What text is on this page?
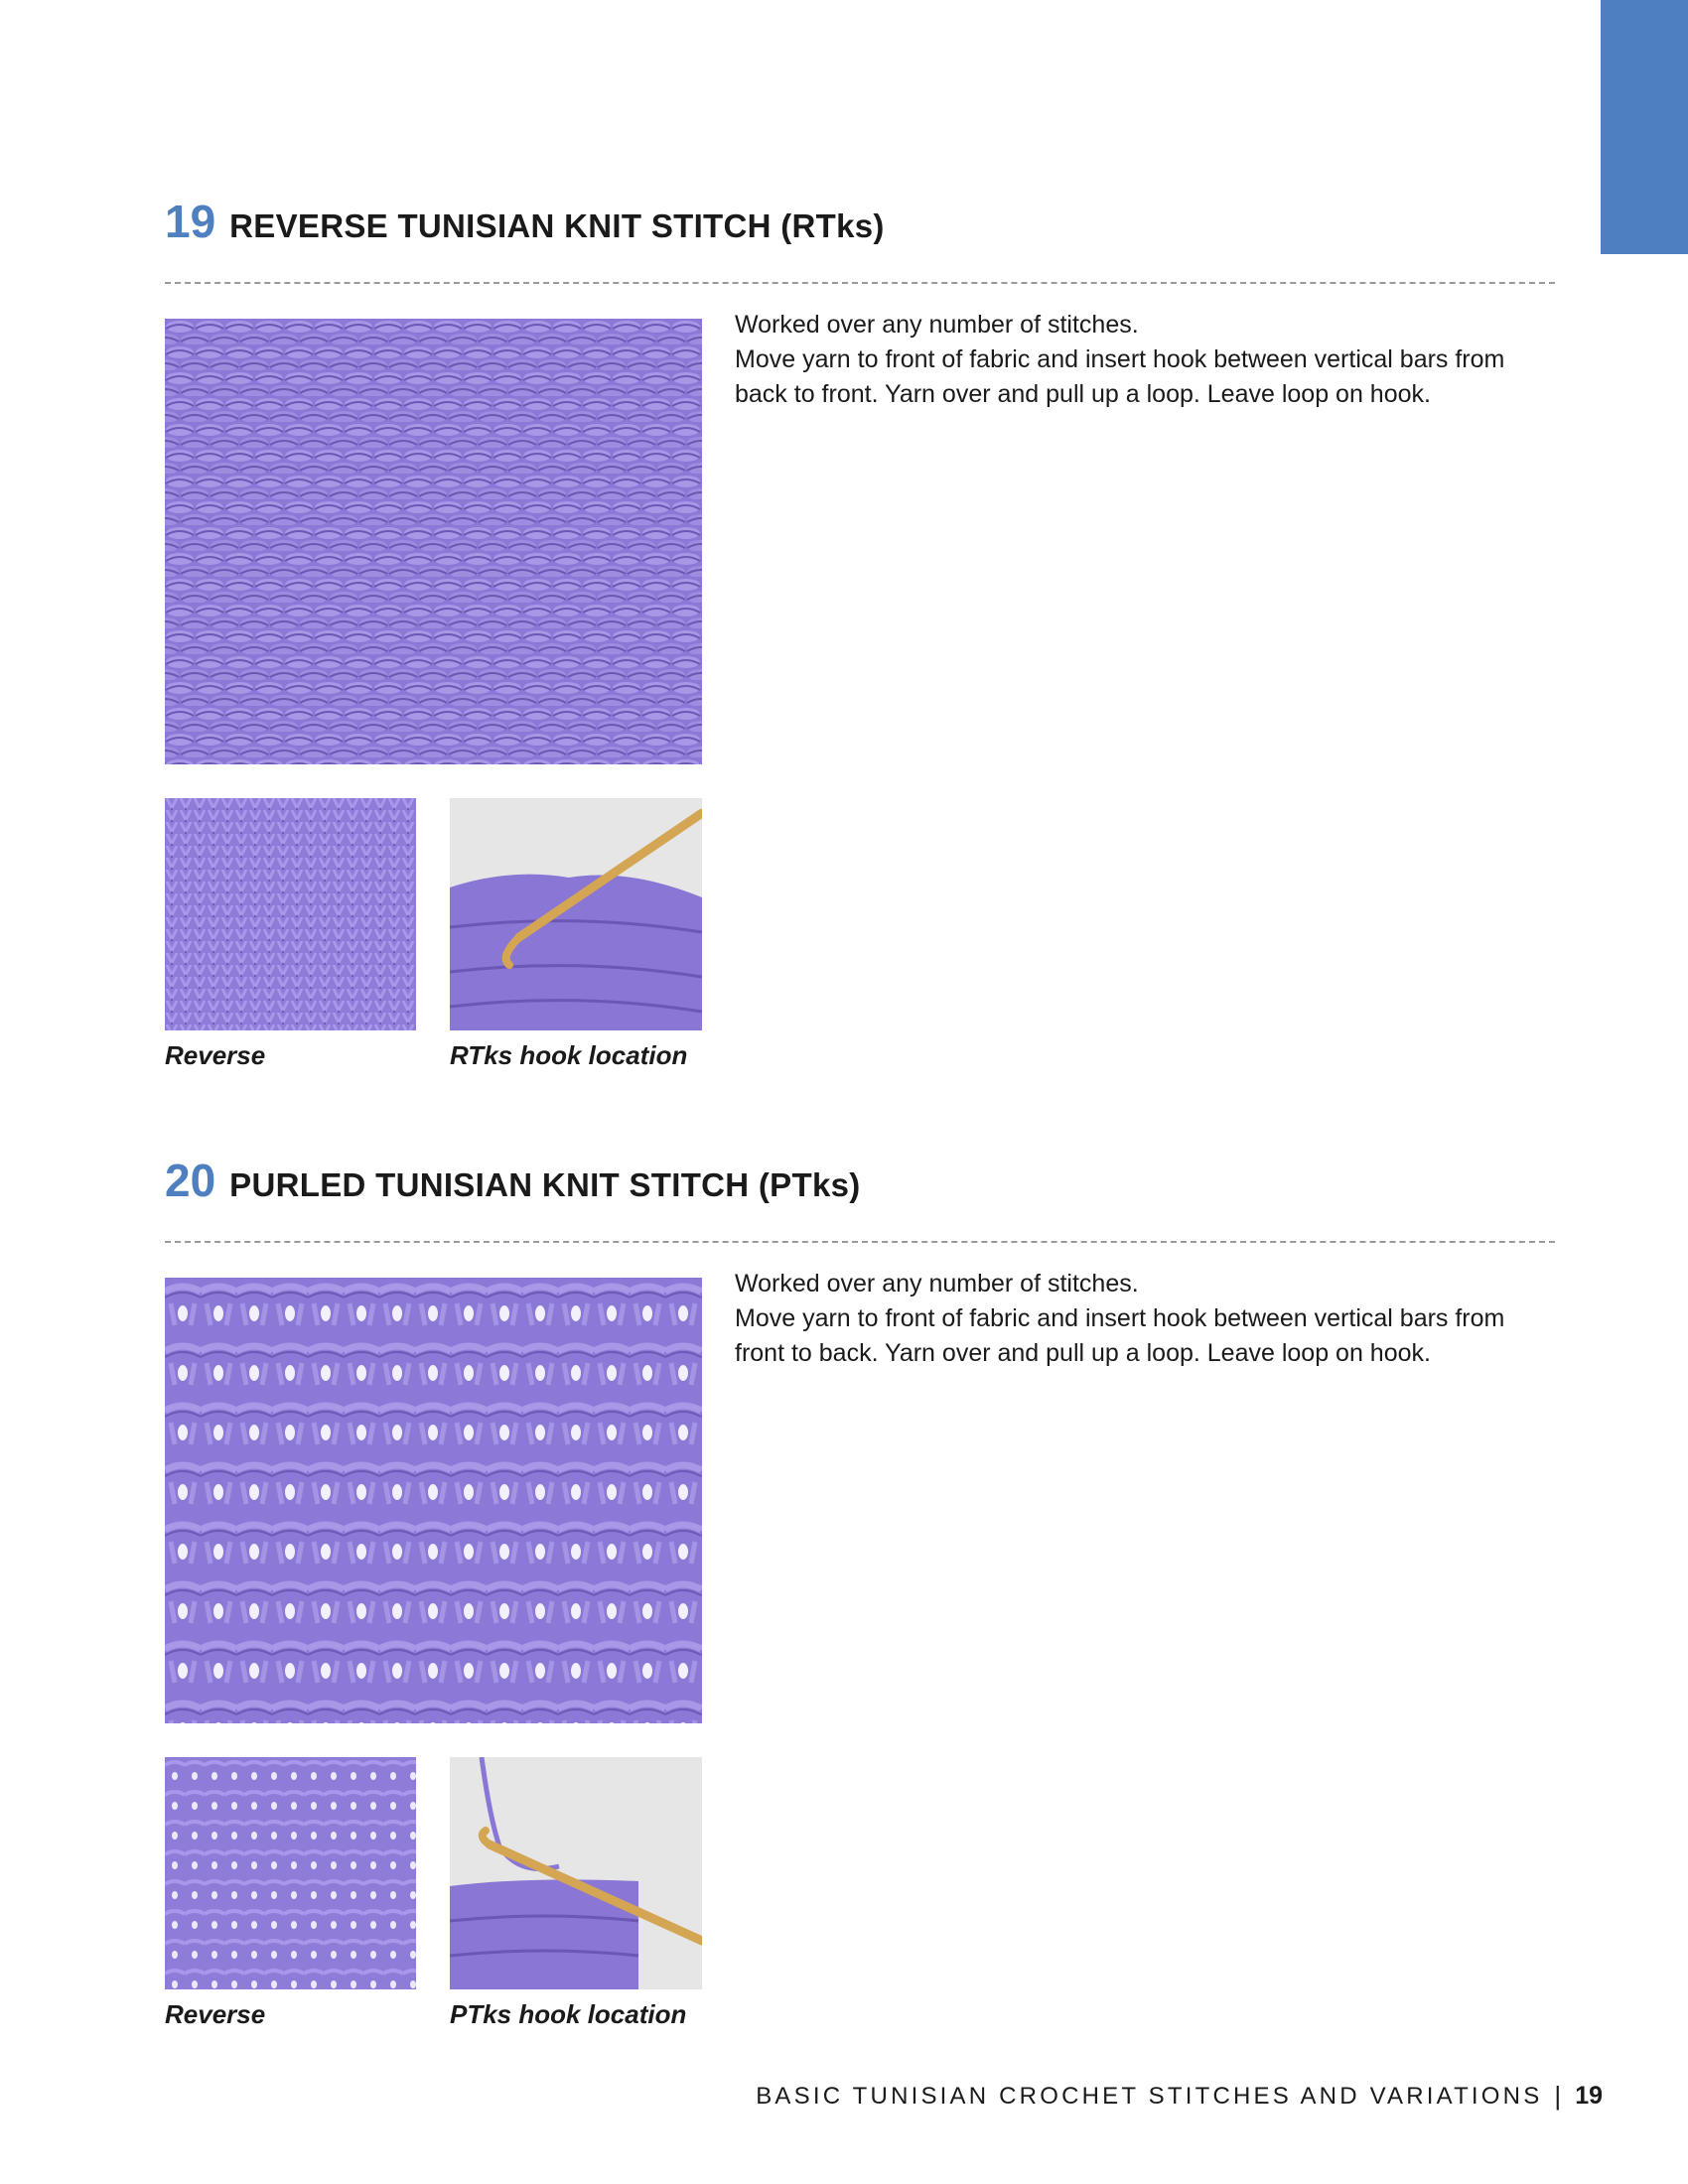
19 REVERSE TUNISIAN KNIT STITCH (RTks)

Worked over any number of stitches.

Move yarn to front of fabric and insert hook between vertical bars from back to front. Yarn over and pull up a loop. Leave loop on hook.

Reverse	RTks hook location
20 PURLED TUNISIAN KNIT STITCH (PTks)

Worked over any number of stitches.

Move yarn to front of fabric and insert hook between vertical bars from front to back. Yarn over and pull up a loop. Leave loop on hook.

Reverse	PTks hook location
BASIC TUNISIAN CROCHET STITCHES AND VARIATIONS | 19
